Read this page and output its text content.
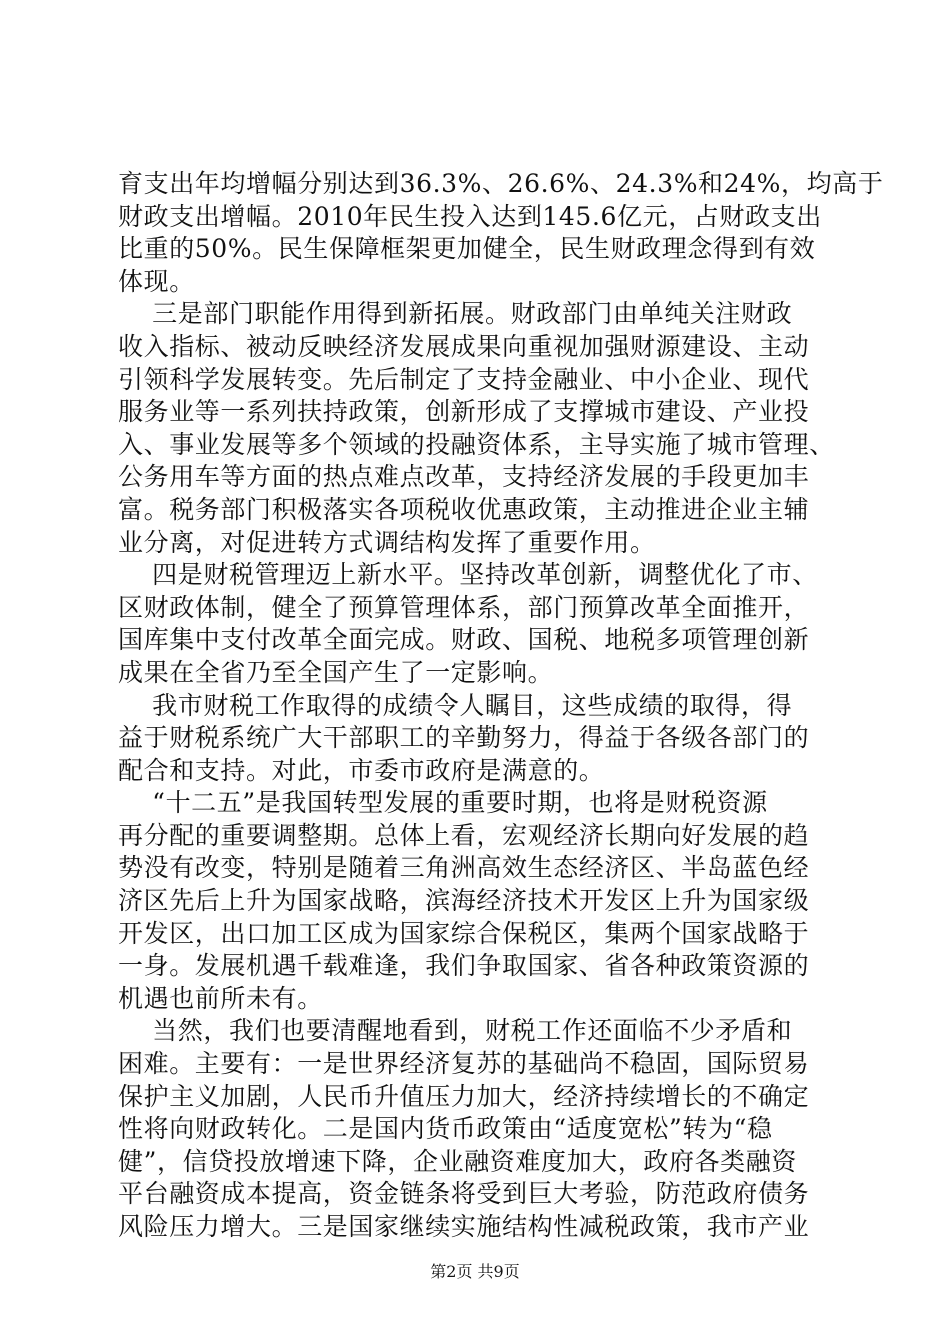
育支出年均增幅分别达到36.3%、26.6%、24.3%和24%，均高于
财政支出增幅。2010年民生投入达到145.6亿元，占财政支出
比重的50%。民生保障框架更加健全，民生财政理念得到有效
体现。
三是部门职能作用得到新拓展。财政部门由单纯关注财政
收入指标、被动反映经济发展成果向重视加强财源建设、主动
引领科学发展转变。先后制定了支持金融业、中小企业、现代
服务业等一系列扶持政策，创新形成了支撑城市建设、产业投
入、事业发展等多个领域的投融资体系，主导实施了城市管理、
公务用车等方面的热点难点改革，支持经济发展的手段更加丰
富。税务部门积极落实各项税收优惠政策，主动推进企业主辅
业分离，对促进转方式调结构发挥了重要作用。
四是财税管理迈上新水平。坚持改革创新，调整优化了市、
区财政体制，健全了预算管理体系，部门预算改革全面推开，
国库集中支付改革全面完成。财政、国税、地税多项管理创新
成果在全省乃至全国产生了一定影响。
我市财税工作取得的成绩令人瞩目，这些成绩的取得，得
益于财税系统广大干部职工的辛勤努力，得益于各级各部门的
配合和支持。对此，市委市政府是满意的。
“十二五”是我国转型发展的重要时期，也将是财税资源
再分配的重要调整期。总体上看，宏观经济长期向好发展的趋
势没有改变，特别是随着三角洲高效生态经济区、半岛蓝色经
济区先后上升为国家战略，滨海经济技术开发区上升为国家级
开发区，出口加工区成为国家综合保税区，集两个国家战略于
一身。发展机遇千载难逢，我们争取国家、省各种政策资源的
机遇也前所未有。
当然，我们也要清醒地看到，财税工作还面临不少矛盾和
困难。主要有：一是世界经济复苏的基础尚不稳固，国际贸易
保护主义加剧，人民币升值压力加大，经济持续增长的不确定
性将向财政转化。二是国内货币政策由“适度宽松”转为“稳
健”，信贷投放增速下降，企业融资难度加大，政府各类融资
平台融资成本提高，资金链条将受到巨大考验，防范政府债务
风险压力增大。三是国家继续实施结构性减税政策，我市产业
第2页 共9页
